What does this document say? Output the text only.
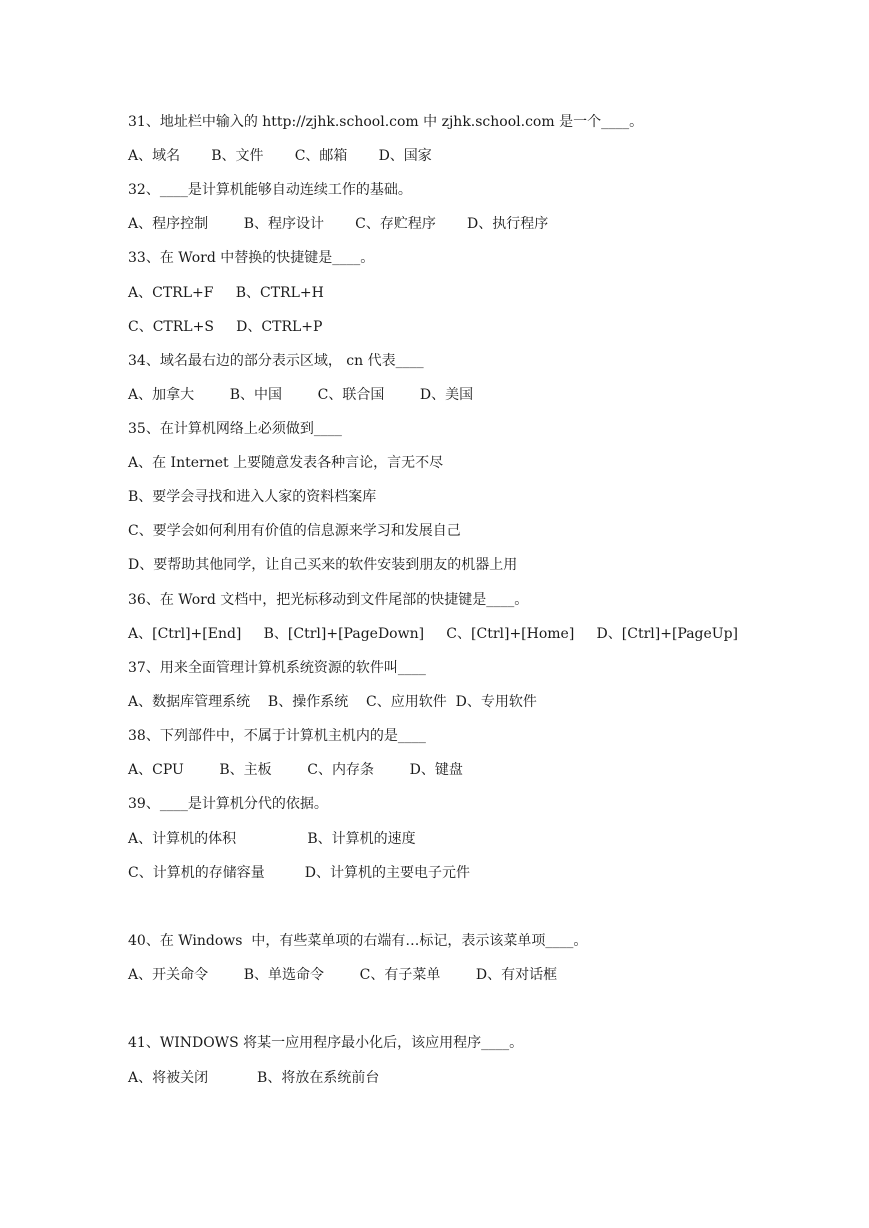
31、地址栏中输入的 http://zjhk.school.com 中 zjhk.school.com 是一个____。
A、域名       B、文件       C、邮箱       D、国家
32、____是计算机能够自动连续工作的基础。
A、程序控制        B、程序设计       C、存贮程序       D、执行程序
33、在 Word 中替换的快捷键是____。
A、CTRL+F     B、CTRL+H
C、CTRL+S     D、CTRL+P
34、域名最右边的部分表示区域， cn 代表____
A、加拿大        B、中国        C、联合国        D、美国
35、在计算机网络上必须做到____
A、在 Internet 上要随意发表各种言论，言无不尽
B、要学会寻找和进入人家的资料档案库
C、要学会如何利用有价值的信息源来学习和发展自己
D、要帮助其他同学，让自己买来的软件安装到朋友的机器上用
36、在 Word 文档中，把光标移动到文件尾部的快捷键是____。
A、[Ctrl]+[End]     B、[Ctrl]+[PageDown]     C、[Ctrl]+[Home]     D、[Ctrl]+[PageUp]
37、用来全面管理计算机系统资源的软件叫____
A、数据库管理系统    B、操作系统    C、应用软件  D、专用软件
38、下列部件中，不属于计算机主机内的是____
A、CPU        B、主板        C、内存条        D、键盘
39、____是计算机分代的依据。
A、计算机的体积                B、计算机的速度
C、计算机的存储容量         D、计算机的主要电子元件
40、在 Windows  中，有些菜单项的右端有…标记，表示该菜单项____。
A、开关命令        B、单选命令        C、有子菜单        D、有对话框
41、WINDOWS 将某一应用程序最小化后，该应用程序____。
A、将被关闭           B、将放在系统前台
